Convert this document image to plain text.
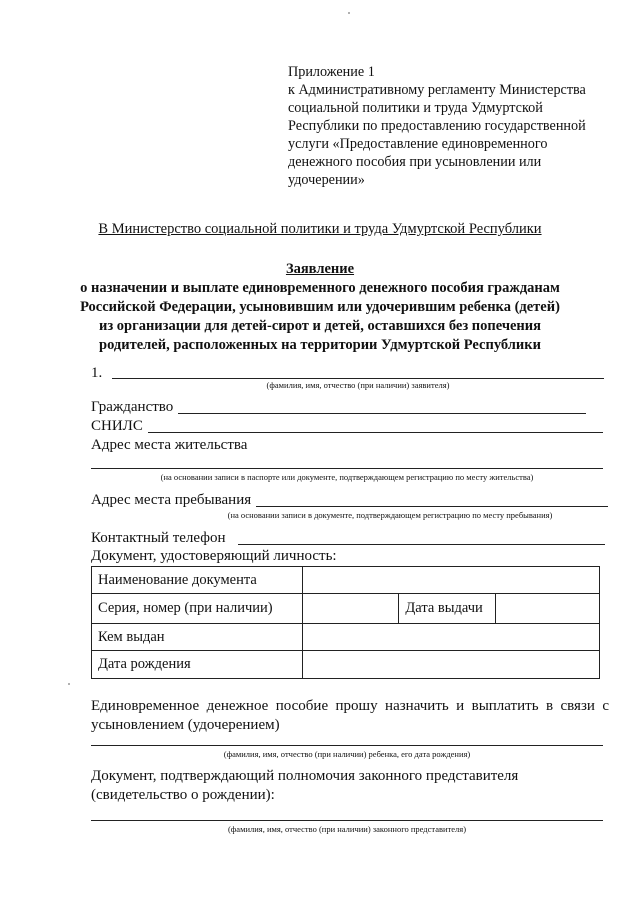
Приложение 1
к Административному регламенту Министерства
социальной политики и труда Удмуртской
Республики по предоставлению государственной
услуги «Предоставление единовременного
денежного пособия при усыновлении или
удочерении»
В Министерство социальной политики и труда Удмуртской Республики
Заявление
о назначении и выплате единовременного денежного пособия гражданам
Российской Федерации, усыновившим или удочерившим ребенка (детей)
из организации для детей-сирот и детей, оставшихся без попечения
родителей, расположенных на территории Удмуртской Республики
1.
(фамилия, имя, отчество (при наличии) заявителя)
Гражданство
СНИЛС
Адрес места жительства
(на основании записи в паспорте или документе, подтверждающем регистрацию по месту жительства)
Адрес места пребывания
(на основании записи в документе, подтверждающем регистрацию по месту пребывания)
Контактный телефон
Документ, удостоверяющий личность:
Наименование документа			
Серия, номер (при наличии)		Дата выдачи	
Кем выдан			
Дата рождения			
Единовременное денежное пособие прошу назначить и выплатить в связи с усыновлением (удочерением)
(фамилия, имя, отчество (при наличии) ребенка, его дата рождения)
Документ, подтверждающий полномочия законного представителя (свидетельство о рождении):
(фамилия, имя, отчество (при наличии) законного представителя)
